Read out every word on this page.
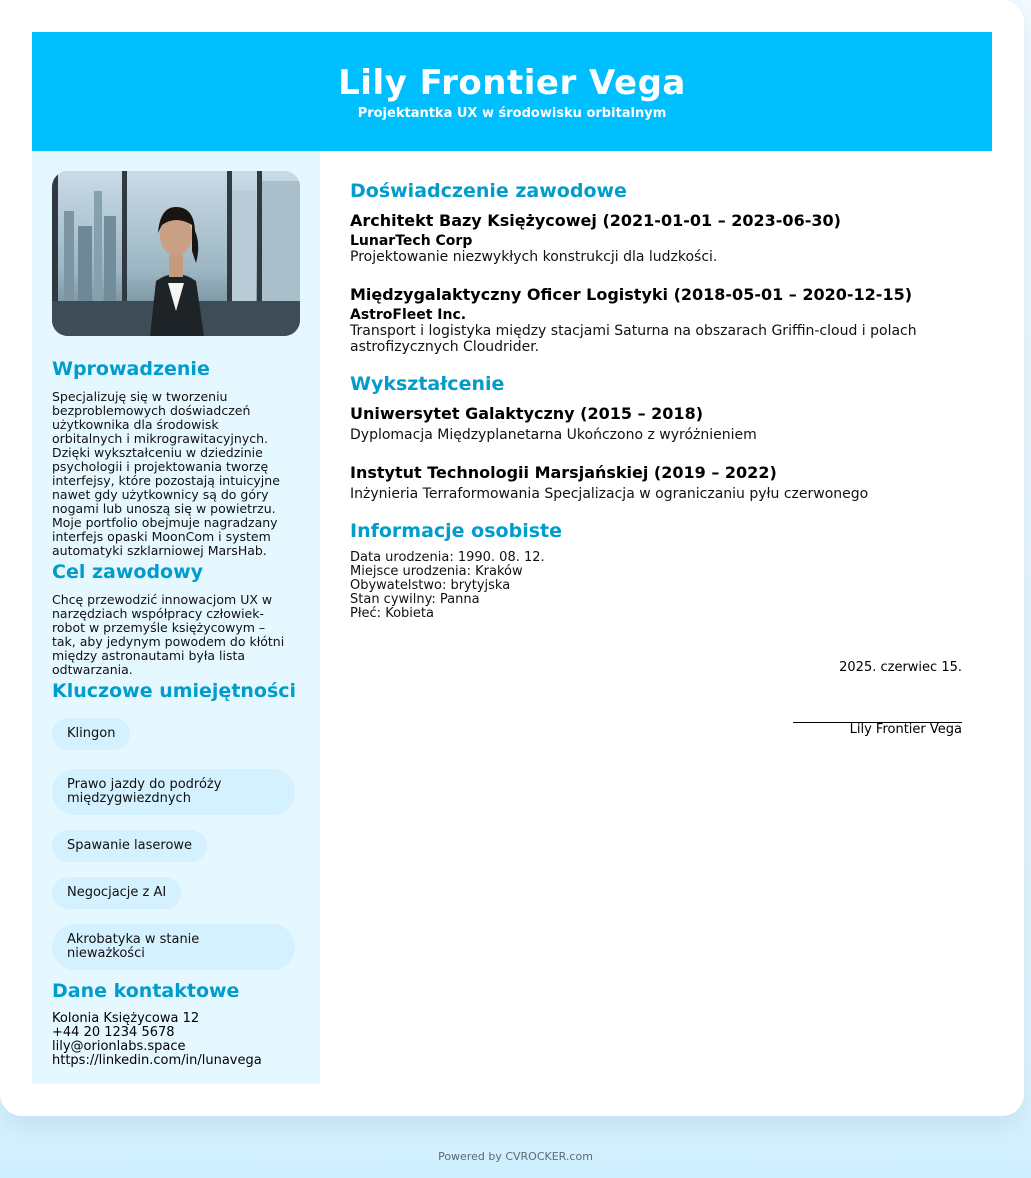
Lily Frontier Vega
Projektantka UX w środowisku orbitalnym
Wprowadzenie
Specjalizuję się w tworzeniu
bezproblemowych doświadczeń
użytkownika dla środowisk
orbitalnych i mikrograwitacyjnych.
Dzięki wykształceniu w dziedzinie
psychologii i projektowania tworzę
interfejsy, które pozostają intuicyjne
nawet gdy użytkownicy są do góry
nogami lub unoszą się w powietrzu.
Moje portfolio obejmuje nagradzany
interfejs opaski MoonCom i system
automatyki szklarniowej MarsHab.
Cel zawodowy
Chcę przewodzić innowacjom UX w
narzędziach współpracy człowiek-
robot w przemyśle księżycowym –
tak, aby jedynym powodem do kłótni
między astronautami była lista
odtwarzania.
Kluczowe umiejętności
Klingon
Prawo jazdy do podróży
międzygwiezdnych
Spawanie laserowe
Negocjacje z AI
Akrobatyka w stanie
nieważkości
Dane kontaktowe
Kolonia Księżycowa 12
+44 20 1234 5678
lily@orionlabs.space
https://linkedin.com/in/lunavega
Doświadczenie zawodowe
Architekt Bazy Księżycowej (2021-01-01 – 2023-06-30)
LunarTech Corp
Projektowanie niezwykłych konstrukcji dla ludzkości.
Międzygalaktyczny Oficer Logistyki (2018-05-01 – 2020-12-15)
AstroFleet Inc.
Transport i logistyka między stacjami Saturna na obszarach Griffin-cloud i polach
astrofizycznych Cloudrider.
Wykształcenie
Uniwersytet Galaktyczny (2015 – 2018)
Dyplomacja Międzyplanetarna Ukończono z wyróżnieniem
Instytut Technologii Marsjańskiej (2019 – 2022)
Inżynieria Terraformowania Specjalizacja w ograniczaniu pyłu czerwonego
Informacje osobiste
Data urodzenia: 1990. 08. 12.
Miejsce urodzenia: Kraków
Obywatelstwo: brytyjska
Stan cywilny: Panna
Płeć: Kobieta
2025. czerwiec 15.
Lily Frontier Vega
Powered by CVROCKER.com
